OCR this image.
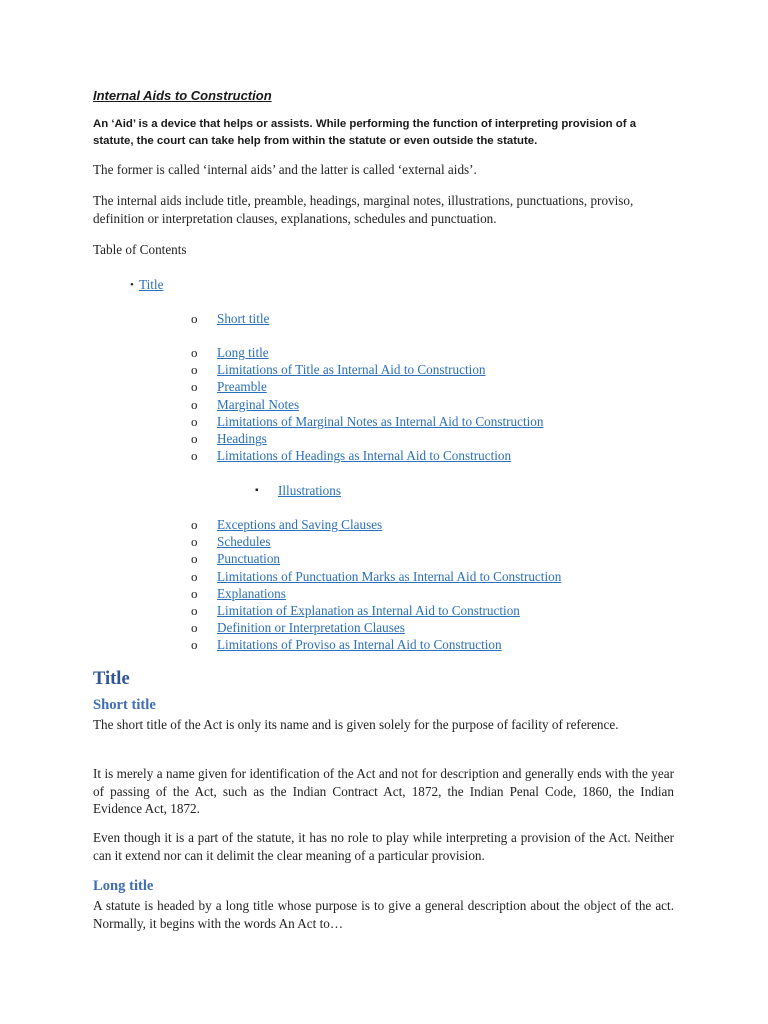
Internal Aids to Construction
An ‘Aid’ is a device that helps or assists. While performing the function of interpreting provision of a statute, the court can take help from within the statute or even outside the statute.
The former is called ‘internal aids’ and the latter is called ‘external aids’.
The internal aids include title, preamble, headings, marginal notes, illustrations, punctuations, proviso, definition or interpretation clauses, explanations, schedules and punctuation.
Table of Contents
• Title
o Short title
o Long title
o Limitations of Title as Internal Aid to Construction
o Preamble
o Marginal Notes
o Limitations of Marginal Notes as Internal Aid to Construction
o Headings
o Limitations of Headings as Internal Aid to Construction
▪ Illustrations
o Exceptions and Saving Clauses
o Schedules
o Punctuation
o Limitations of Punctuation Marks as Internal Aid to Construction
o Explanations
o Limitation of Explanation as Internal Aid to Construction
o Definition or Interpretation Clauses
o Limitations of Proviso as Internal Aid to Construction
Title
Short title
The short title of the Act is only its name and is given solely for the purpose of facility of reference.
It is merely a name given for identification of the Act and not for description and generally ends with the year of passing of the Act, such as the Indian Contract Act, 1872, the Indian Penal Code, 1860, the Indian Evidence Act, 1872.
Even though it is a part of the statute, it has no role to play while interpreting a provision of the Act. Neither can it extend nor can it delimit the clear meaning of a particular provision.
Long title
A statute is headed by a long title whose purpose is to give a general description about the object of the act. Normally, it begins with the words An Act to…
